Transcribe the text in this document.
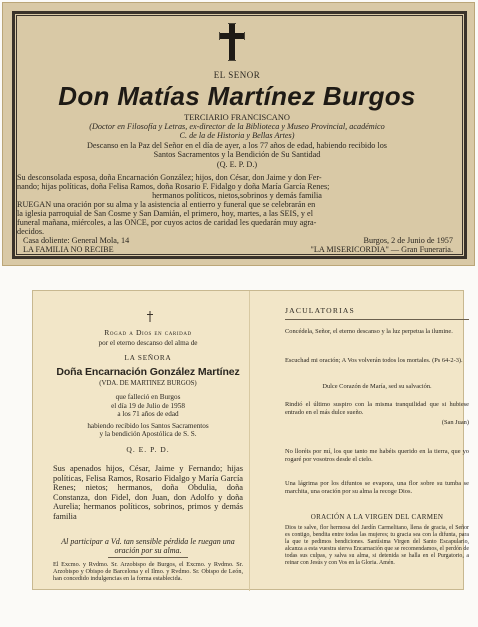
EL SEÑOR
Don Matías Martínez Burgos
TERCIARIO FRANCISCANO
(Doctor en Filosofía y Letras, ex-director de la Biblioteca y Museo Provincial, académico
C. de la de Historia y Bellas Artes)
Descanso en la Paz del Señor en el día de ayer, a los 77 años de edad, habiendo recibido los
Santos Sacramentos y la Bendición de Su Santidad
(Q. E. P. D.)
Su desconsolada esposa, doña Encarnación González; hijos, don César, don Jaime y don Fer-
nando; hijas políticas, doña Felisa Ramos, doña Rosario F. Fidalgo y doña María García Renes;
hermanos políticos, nietos,sobrinos y demás familia
RUEGAN una oración por su alma y la asistencia al entierro y funeral que se celebrarán en
la iglesia parroquial de San Cosme y San Damián, el primero, hoy, martes, a las SEIS, y el
funeral mañana, miércoles, a las ONCE, por cuyos actos de caridad les quedarán muy agra-
decidos.
Casa doliente: General Mola, 14	Burgos, 2 de Junio de 1957
LA FAMILIA NO RECIBE	"LA MISERICORDIA" — Gran Funeraria.
Rogad a Dios en caridad
por el eterno descanso del alma de
LA SEÑORA
Doña Encarnación González Martínez
(VDA. DE MARTINEZ BURGOS)
que falleció en Burgos
el día 19 de Julio de 1958
a los 71 años de edad
habiendo recibido los Santos Sacramentos
y la bendición Apostólica de S. S.
Q. E. P. D.
Sus apenados hijos, César, Jaime y Fernando; hijas políticas, Felisa Ramos, Rosario Fidalgo y María García Renes; nietos; hermanos, doña Obdulia, doña Constanza, don Fidel, don Juan, don Adolfo y doña Aurelia; hermanos políticos, sobrinos, primos y demás familia
Al participar a Vd. tan sensible pérdida le ruegan una oración por su alma.
El Excmo. y Rvdmo. Sr. Arzobispo de Burgos, el Excmo. y Rvdmo. Sr. Arzobispo y Obispo de Barcelona y el Ilmo. y Rvdmo. Sr. Obispo de León, han concedido indulgencias en la forma establecida.
JACULATORIAS
Concédela, Señor, el eterno descanso y la luz perpetua la ilumine.
Escuchad mi oración; A Vos volverán todos los mortales. (Ps 64-2-3).
Dulce Corazón de María, sed su salvación.
Rindió el último suspiro con la misma tranquilidad que si hubiese entrado en el más dulce sueño.
(San Juan)
No lloréis por mí, los que tanto me habéis querido en la tierra, que yo rogaré por vosotros desde el cielo.
Una lágrima por los difuntos se evapora, una flor sobre su tumba se marchita, una oración por su alma la recoge Dios.
ORACIÓN A LA VIRGEN DEL CARMEN
Dios te salve, flor hermosa del Jardín Carmelitano, llena de gracia, el Señor es contigo, bendita entre todas las mujeres; tu gracia sea con la difunta, para la que te pedimos bendiciones. Santísima Virgen del Santo Escapulario, alcanza a esta vuestra sierva Encarnación que se recomendamos, el perdón de todas sus culpas, y salva su alma, si detenida se halla en el Purgatorio, a reinar con Jesús y con Vos en la Gloria. Amén.
